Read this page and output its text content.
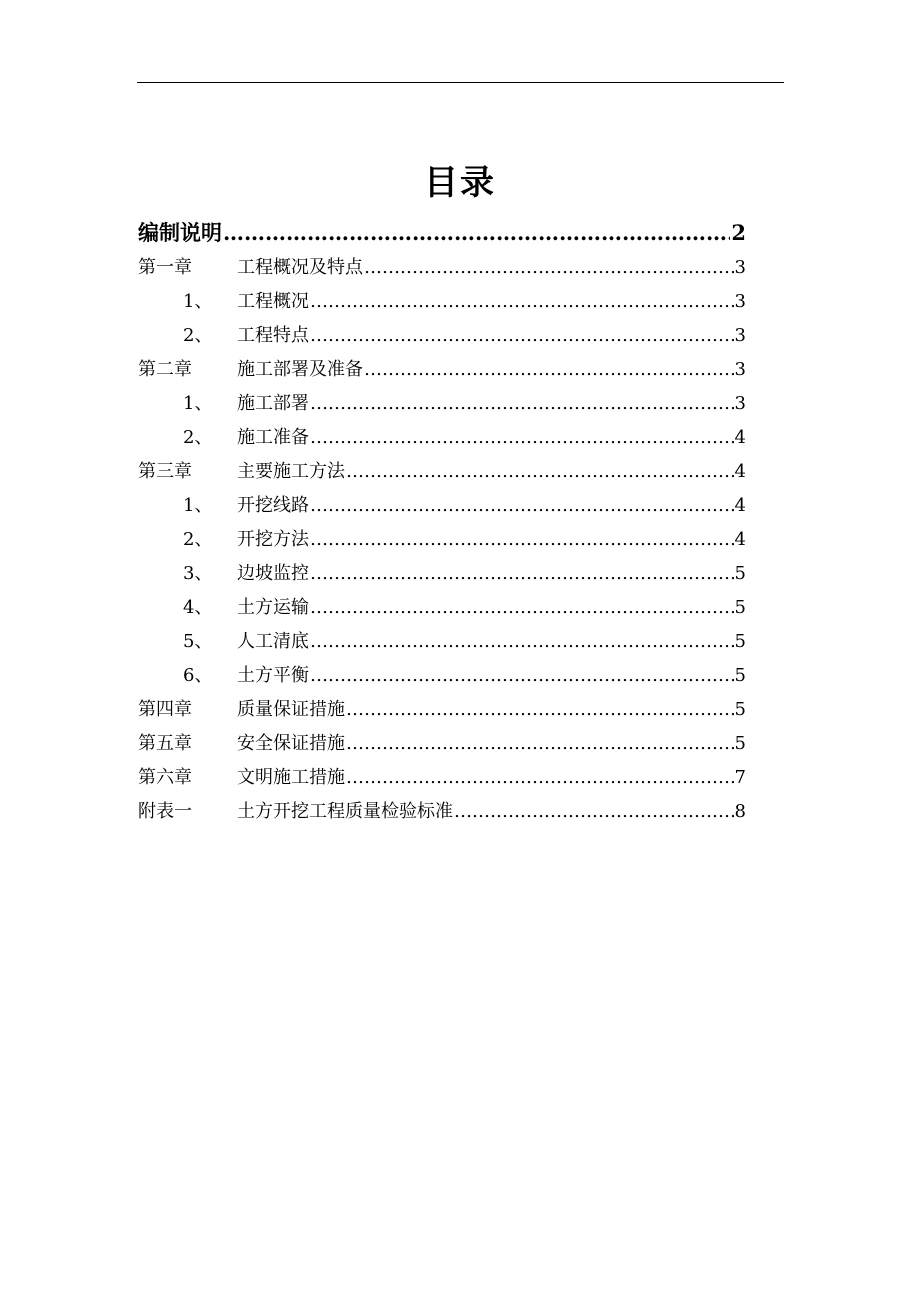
目录
编制说明 …………………………………………………………………………………………………………………………………………………………………………………………	2
第一章	工程概况及特点 …………………………………………………………………………………………………………………………………………………………………………………………	3
1、	工程概况 …………………………………………………………………………………………………………………………………………………………………………………………	3
2、	工程特点 …………………………………………………………………………………………………………………………………………………………………………………………	3
第二章	施工部署及准备 …………………………………………………………………………………………………………………………………………………………………………………………	3
1、	施工部署 …………………………………………………………………………………………………………………………………………………………………………………………	3
2、	施工准备 …………………………………………………………………………………………………………………………………………………………………………………………	4
第三章	主要施工方法 …………………………………………………………………………………………………………………………………………………………………………………………	4
1、	开挖线路 …………………………………………………………………………………………………………………………………………………………………………………………	4
2、	开挖方法 …………………………………………………………………………………………………………………………………………………………………………………………	4
3、	边坡监控 …………………………………………………………………………………………………………………………………………………………………………………………	5
4、	土方运输 …………………………………………………………………………………………………………………………………………………………………………………………	5
5、	人工清底 …………………………………………………………………………………………………………………………………………………………………………………………	5
6、	土方平衡 …………………………………………………………………………………………………………………………………………………………………………………………	5
第四章	质量保证措施 …………………………………………………………………………………………………………………………………………………………………………………………	5
第五章	安全保证措施 …………………………………………………………………………………………………………………………………………………………………………………………	5
第六章	文明施工措施 …………………………………………………………………………………………………………………………………………………………………………………………	7
附表一	土方开挖工程质量检验标准 …………………………………………………………………………………………………………………………………………………………………………………………	8
